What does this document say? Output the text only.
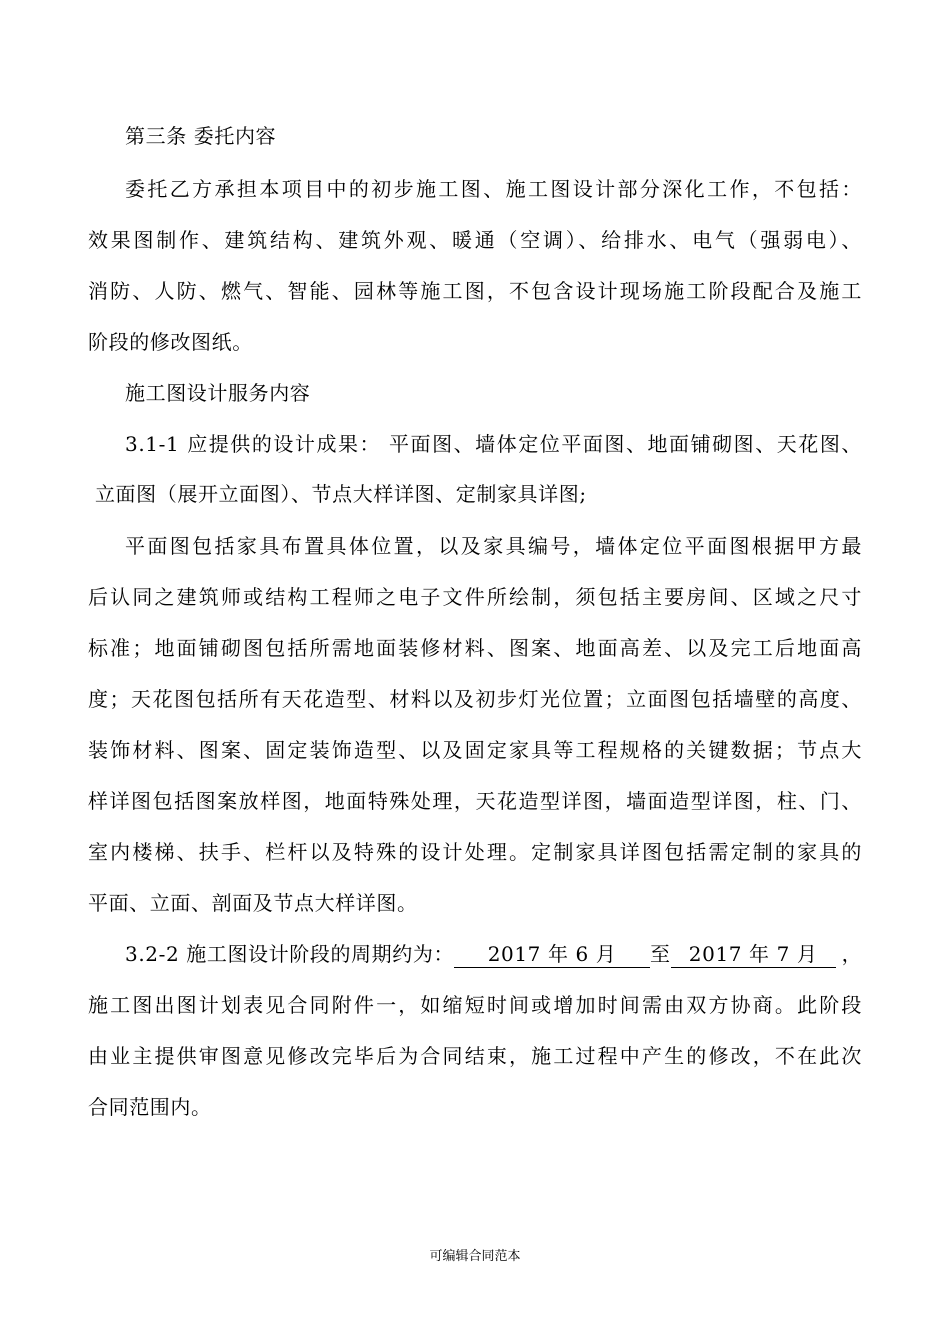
第三条 委托内容
委托乙方承担本项目中的初步施工图、施工图设计部分深化工作，不包括：
效果图制作、建筑结构、建筑外观、暖通（空调）、给排水、电气（强弱电）、
消防、人防、燃气、智能、园林等施工图，不包含设计现场施工阶段配合及施工
阶段的修改图纸。
施工图设计服务内容
3.1-1 应提供的设计成果： 平面图、墙体定位平面图、地面铺砌图、天花图、
立面图（展开立面图）、节点大样详图、定制家具详图;
平面图包括家具布置具体位置，以及家具编号，墙体定位平面图根据甲方最
后认同之建筑师或结构工程师之电子文件所绘制，须包括主要房间、区域之尺寸
标准；地面铺砌图包括所需地面装修材料、图案、地面高差、以及完工后地面高
度；天花图包括所有天花造型、材料以及初步灯光位置；立面图包括墙壁的高度、
装饰材料、图案、固定装饰造型、以及固定家具等工程规格的关键数据；节点大
样详图包括图案放样图，地面特殊处理，天花造型详图，墙面造型详图，柱、门、
室内楼梯、扶手、栏杆以及特殊的设计处理。定制家具详图包括需定制的家具的
平面、立面、剖面及节点大样详图。
3.2-2 施工图设计阶段的周期约为： 2017 年 6 月 至 2017 年 7 月 ，
施工图出图计划表见合同附件一，如缩短时间或增加时间需由双方协商。此阶段
由业主提供审图意见修改完毕后为合同结束，施工过程中产生的修改，不在此次
合同范围内。
可编辑合同范本
